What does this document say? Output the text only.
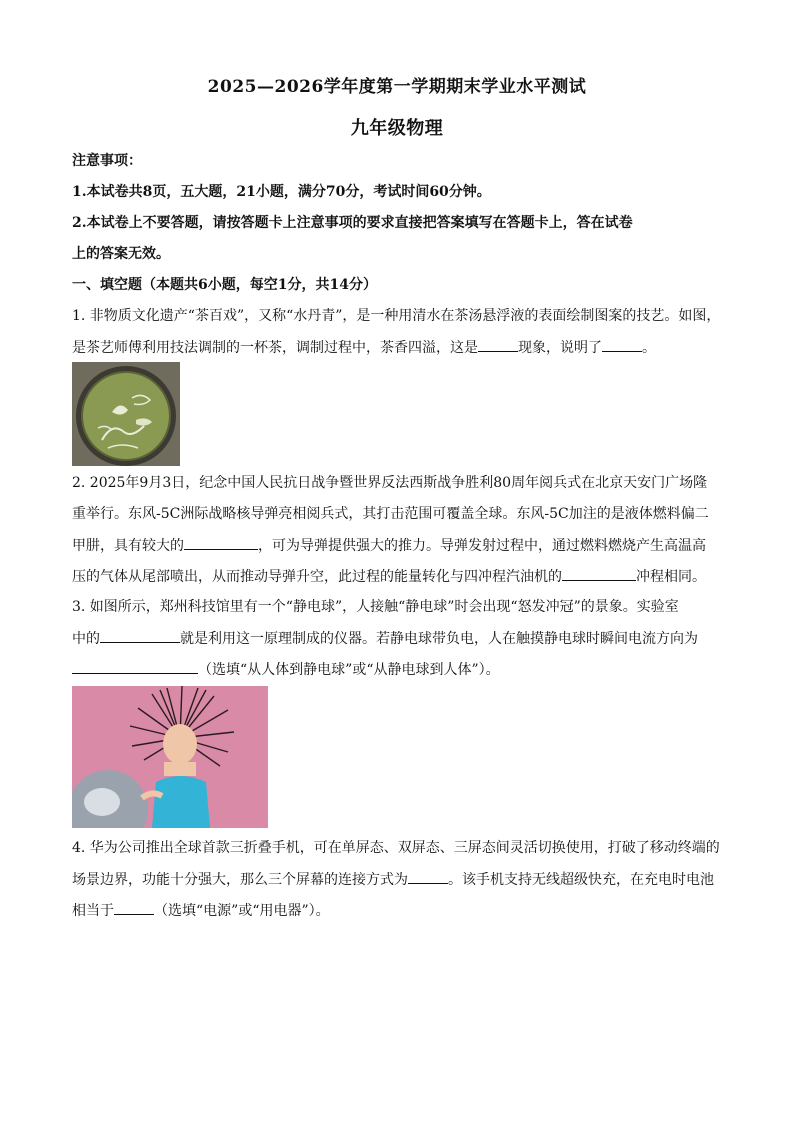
2025—2026学年度第一学期期末学业水平测试
九年级物理
注意事项：
1.本试卷共8页，五大题，21小题，满分70分，考试时间60分钟。
2.本试卷上不要答题，请按答题卡上注意事项的要求直接把答案填写在答题卡上，答在试卷
上的答案无效。
一、填空题（本题共6小题，每空1分，共14分）
1. 非物质文化遗产“茶百戏”，又称“水丹青”，是一种用清水在茶汤悬浮液的表面绘制图案的技艺。如图，
是茶艺师傅利用技法调制的一杯茶，调制过程中，茶香四溢，这是	现象，说明了	。
2. 2025年9月3日，纪念中国人民抗日战争暨世界反法西斯战争胜利80周年阅兵式在北京天安门广场隆
重举行。东风-5C洲际战略核导弹亮相阅兵式，其打击范围可覆盖全球。东风-5C加注的是液体燃料偏二
甲肼，具有较大的	，可为导弹提供强大的推力。导弹发射过程中，通过燃料燃烧产生高温高
压的气体从尾部喷出，从而推动导弹升空，此过程的能量转化与四冲程汽油机的	冲程相同。
3. 如图所示，郑州科技馆里有一个“静电球”，人接触“静电球”时会出现“怒发冲冠”的景象。实验室
中的	就是利用这一原理制成的仪器。若静电球带负电，人在触摸静电球时瞬间电流方向为
（选填“从人体到静电球”或“从静电球到人体”）。
4. 华为公司推出全球首款三折叠手机，可在单屏态、双屏态、三屏态间灵活切换使用，打破了移动终端的
场景边界，功能十分强大，那么三个屏幕的连接方式为	。该手机支持无线超级快充，在充电时电池
相当于	（选填“电源”或“用电器”）。
